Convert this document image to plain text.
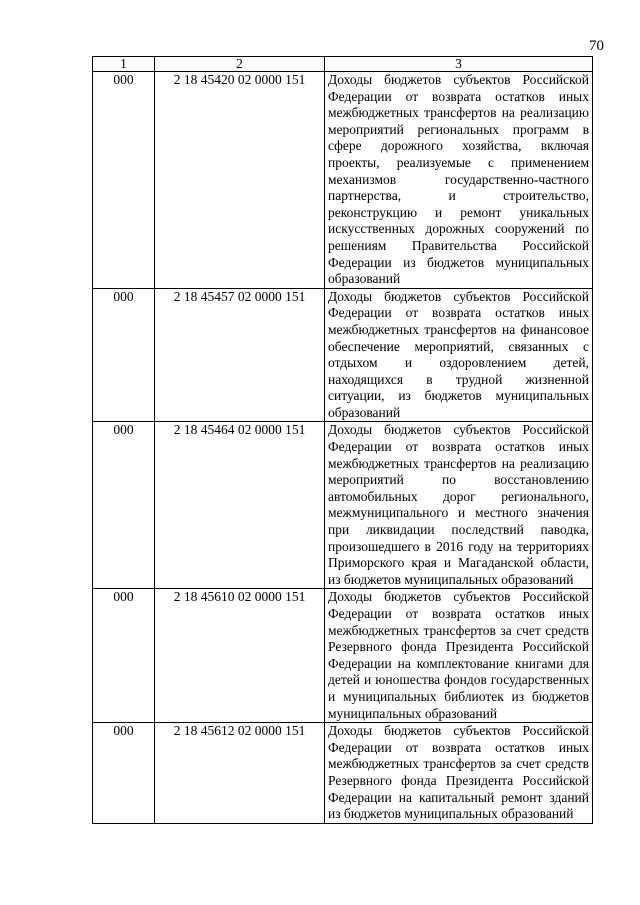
70
1	2	3
000	2 18 45420 02 0000 151	Доходы бюджетов субъектов Российской Федерации от возврата остатков иных межбюджетных трансфертов на реализацию мероприятий региональных программ в сфере дорожного хозяйства, включая проекты, реализуемые с применением механизмов государственно-частного партнерства, и строительство, реконструкцию и ремонт уникальных искусственных дорожных сооружений по решениям Правительства Российской Федерации из бюджетов муниципальных образований
000	2 18 45457 02 0000 151	Доходы бюджетов субъектов Российской Федерации от возврата остатков иных межбюджетных трансфертов на финансовое обеспечение мероприятий, связанных с отдыхом и оздоровлением детей, находящихся в трудной жизненной ситуации, из бюджетов муниципальных образований
000	2 18 45464 02 0000 151	Доходы бюджетов субъектов Российской Федерации от возврата остатков иных межбюджетных трансфертов на реализацию мероприятий по восстановлению автомобильных дорог регионального, межмуниципального и местного значения при ликвидации последствий паводка, произошедшего в 2016 году на территориях Приморского края и Магаданской области, из бюджетов муниципальных образований
000	2 18 45610 02 0000 151	Доходы бюджетов субъектов Российской Федерации от возврата остатков иных межбюджетных трансфертов за счет средств Резервного фонда Президента Российской Федерации на комплектование книгами для детей и юношества фондов государственных и муниципальных библиотек из бюджетов муниципальных образований
000	2 18 45612 02 0000 151	Доходы бюджетов субъектов Российской Федерации от возврата остатков иных межбюджетных трансфертов за счет средств Резервного фонда Президента Российской Федерации на капитальный ремонт зданий из бюджетов муниципальных образований
